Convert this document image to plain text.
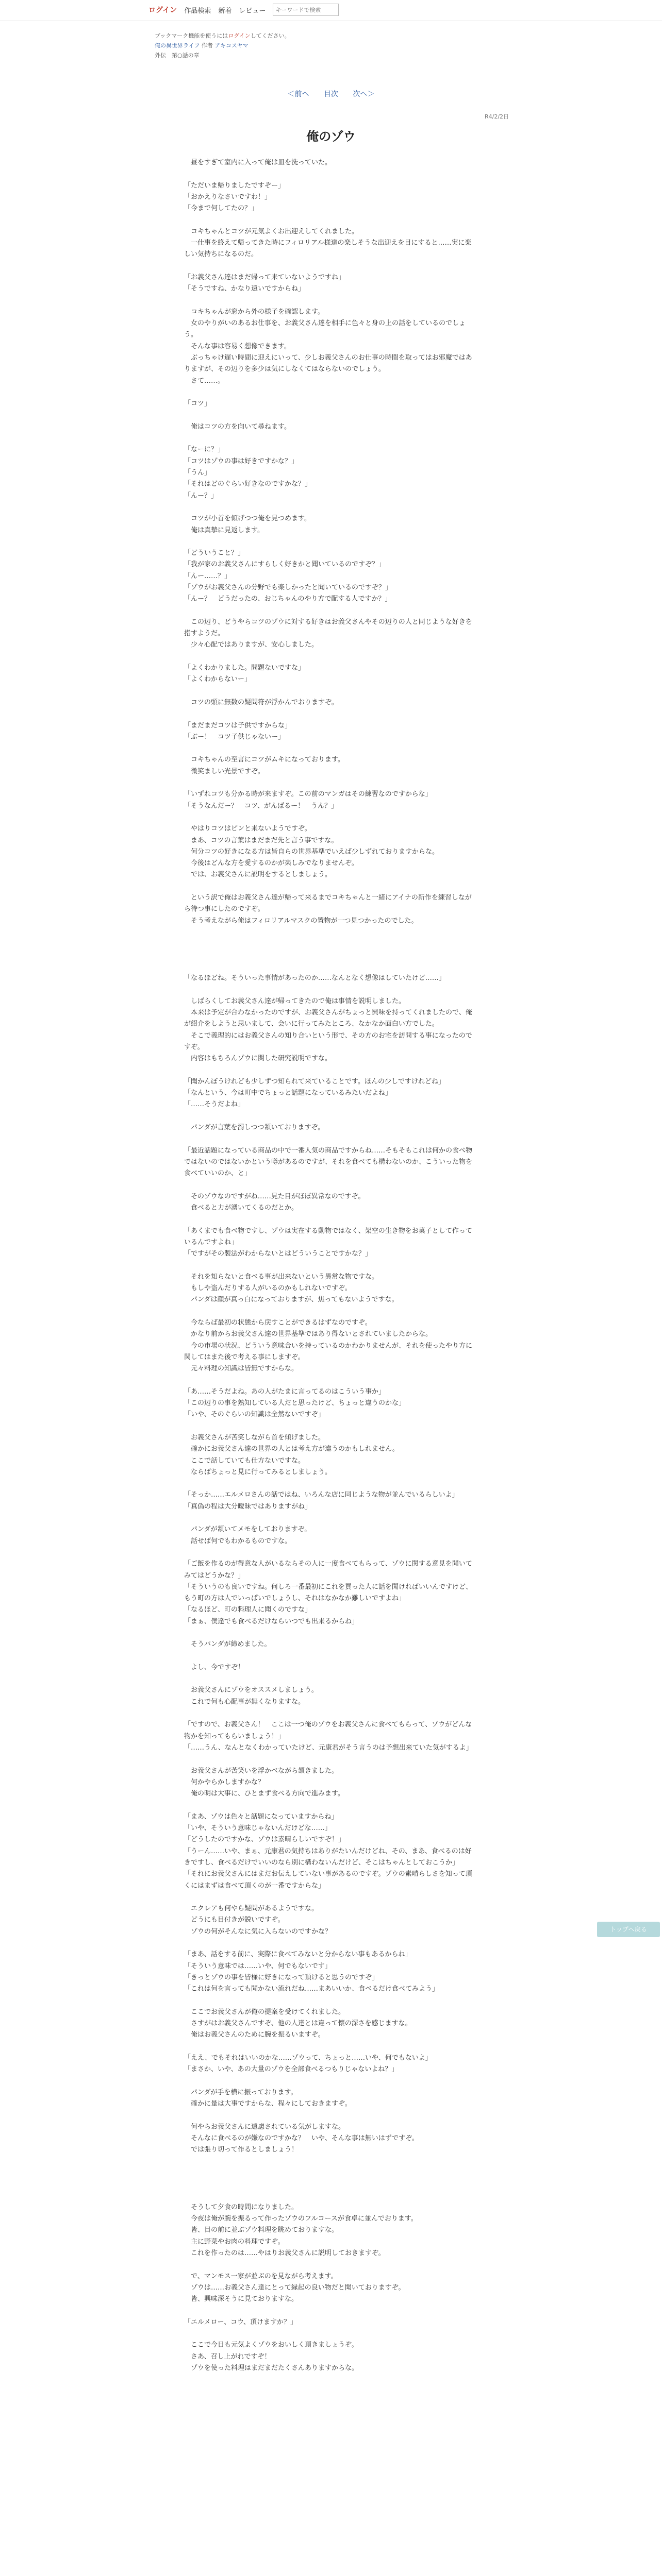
ログイン 作品検索 新着 レビュー
キーワードで検索
ブックマーク機能を使うにはログインしてください。
俺の異世界ライフ 作者 アキコスヤマ
外伝　第○話の章
＜前へ 目次 次へ＞
R4/2/2日
俺のゾウ
　昼をすぎて室内に入って俺は皿を洗っていた。

「ただいま帰りましたですぞー」
「おかえりなさいですわ！」
「今まで何してたの？」

　コキちゃんとコツが元気よくお出迎えしてくれました。
　一仕事を終えて帰ってきた時にフィロリアル様達の楽しそうな出迎えを目にすると……実に楽しい気持ちになるのだ。

「お義父さん達はまだ帰って来ていないようですね」
「そうですね、かなり遠いですからね」

　コキちゃんが窓から外の様子を確認します。
　女のやりがいのあるお仕事を、お義父さん達を相手に色々と身の上の話をしているのでしょう。
　そんな事は容易く想像できます。
　ぶっちゃけ遅い時間に迎えにいって、少しお義父さんのお仕事の時間を取ってはお邪魔ではありますが、その辺りを多少は気にしなくてはならないのでしょう。
　さて……。

「コツ」

　俺はコツの方を向いて尋ねます。

「なーに？」
「コツはゾウの事は好きですかな？」
「うん」
「それはどのぐらい好きなのですかな？」
「んー？」

　コツが小首を傾げつつ俺を見つめます。
　俺は真摯に見返します。

「どういうこと？」
「我が家のお義父さんにすらしく好きかと聞いているのですぞ？」
「んー……？」
「ゾウがお義父さんの分野でも楽しかったと聞いているのですぞ？」
「んー？　どうだったの、おじちゃんのやり方で配する人ですか？」

　この辺り、どうやらコツのゾウに対する好きはお義父さんやその辺りの人と同じような好きを指すようだ。
　少々心配ではありますが、安心しました。

「よくわかりました。問題ないですな」
「よくわからないー」

　コツの頭に無数の疑問符が浮かんでおりますぞ。

「まだまだコツは子供ですからな」
「ぶー！　コツ子供じゃないー」

　コキちゃんの至言にコツがムキになっております。
　微笑ましい光景ですぞ。

「いずれコツも分かる時が来ますぞ。この前のマンガはその練習なのですからな」
「そうなんだー？　コツ、がんばるー！　うん？」

　やはりコツはピンと来ないようですぞ。
　まあ、コツの言葉はまだまだ先と言う事ですな。
　何分コツの好きになる方は皆自らの世界基準でいえば少しずれておりますからな。
　今後はどんな方を愛するのかが楽しみでなりませんぞ。
　では、お義父さんに説明をするとしましょう。

　という訳で俺はお義父さん達が帰って来るまでコキちゃんと一緒にアイナの新作を練習しながら待つ事にしたのですぞ。
　そう考えながら俺はフィロリアルマスクの置物が一つ見つかったのでした。

「なるほどね。そういった事情があったのか……なんとなく想像はしていたけど……」

　しばらくしてお義父さん達が帰ってきたので俺は事情を説明しました。
　本来は予定が合わなかったのですが、お義父さんがちょっと興味を持ってくれましたので、俺が紹介をしようと思いまして、会いに行ってみたところ、なかなか面白い方でした。
　そこで義理的にはお義父さんの知り合いという形で、その方のお宅を訪問する事になったのですぞ。
　内容はもちろんゾウに関した研究説明ですな。

「聞かんぼうけれども少しずつ知られて来ていることです。ほんの少しですけれどね」
「なんという、今は町中でちょっと話題になっているみたいだよね」
「……そうだよね」

　パンダが言葉を濁しつつ頷いておりますぞ。

「最近話題になっている商品の中で一番人気の商品ですからね……そもそもこれは何かの食べ物ではないのではないかという噂があるのですが、それを食べても構わないのか、こういった物を食べていいのか、と」

　そのゾウなのですがね……見た目がほぼ異常なのですぞ。
　食べると力が湧いてくるのだとか。

「あくまでも食べ物ですし、ゾウは実在する動物ではなく、架空の生き物をお菓子として作っているんですよね」
「ですがその製法がわからないとはどういうことですかな？」

　それを知らないと食べる事が出来ないという異常な物ですな。
　もしや盗んだりする人がいるのかもしれないですぞ。
　パンダは顔が真っ白になっておりますが、焦ってもないようですな。

　今ならば最初の状態から戻すことができるはずなのですぞ。
　かなり前からお義父さん達の世界基準ではあり得ないとされていましたからな。
　今の市場の状況、どういう意味合いを持っているのかわかりませんが、それを使ったやり方に関してはまた後で考える事にしますぞ。
　元々料理の知識は皆無ですからな。

「あ……そうだよね。あの人がたまに言ってるのはこういう事か」
「この辺りの事を熟知している人だと思ったけど、ちょっと違うのかな」
「いや、そのぐらいの知識は全然ないですぞ」

　お義父さんが苦笑しながら首を傾げました。
　確かにお義父さん達の世界の人とは考え方が違うのかもしれません。
　ここで話していても仕方ないですな。
　ならばちょっと見に行ってみるとしましょう。

「そっか……エルメロさんの話ではね、いろんな店に同じような物が並んでいるらしいよ」
「真偽の程は大分曖昧ではありますがね」

　パンダが頷いてメモをしておりますぞ。
　話せば何でもわかるものですな。

「ご飯を作るのが得意な人がいるならその人に一度食べてもらって、ゾウに関する意見を聞いてみてはどうかな？」
「そういうのも良いですね。何しろ一番最初にこれを買った人に話を聞ければいいんですけど、もう町の方は人でいっぱいでしょうし、それはなかなか難しいですよね」
「なるほど、町の料理人に聞くのですな」
「まぁ、僕達でも食べるだけならいつでも出来るからね」

　そうパンダが締めました。

　よし、今ですぞ！

　お義父さんにゾウをオススメしましょう。
　これで何も心配事が無くなりますな。

「ですので、お義父さん！　ここは一つ俺のゾウをお義父さんに食べてもらって、ゾウがどんな物かを知ってもらいましょう！」
「……うん、なんとなくわかっていたけど、元康君がそう言うのは予想出来ていた気がするよ」

　お義父さんが苦笑いを浮かべながら頷きました。
　何かやらかしますかな？
　俺の明は大事に、ひとまず食べる方向で進みます。

「まあ、ゾウは色々と話題になっていますからね」
「いや、そういう意味じゃないんだけどな……」
「どうしたのですかな、ゾウは素晴らしいですぞ！」
「うーん……いや、まぁ、元康君の気持ちはありがたいんだけどね、その、まあ、食べるのは好きですし、食べるだけでいいのなら別に構わないんだけど、そこはちゃんとしておこうか」
「それにお義父さんにはまだお伝えしていない事があるのですぞ。ゾウの素晴らしさを知って頂くにはまずは食べて頂くのが一番ですからな」

　エクレアも何やら疑問があるようですな。
　どうにも目付きが鋭いですぞ。
　ゾウの何がそんなに気に入らないのですかな？

「まあ、話をする前に、実際に食べてみないと分からない事もあるからね」
「そういう意味では……いや、何でもないです」
「きっとゾウの事を皆様に好きになって頂けると思うのですぞ」
「これは何を言っても聞かない流れだね……まあいいか、食べるだけ食べてみよう」

　ここでお義父さんが俺の提案を受けてくれました。
　さすがはお義父さんですぞ、他の人達とは違って懐の深さを感じますな。
　俺はお義父さんのために腕を振るいますぞ。

「ええ、でもそれはいいのかな……ゾウって、ちょっと……いや、何でもないよ」
「まさか、いや、あの大量のゾウを全部食べるつもりじゃないよね？」

　パンダが手を横に振っております。
　確かに量は大事ですからな、程々にしておきますぞ。

　何やらお義父さんに遠慮されている気がしますな。
　そんなに食べるのが嫌なのですかな？　いや、そんな事は無いはずですぞ。
　では張り切って作るとしましょう！

　そうして夕食の時間になりました。
　今夜は俺が腕を振るって作ったゾウのフルコースが食卓に並んでおります。
　皆、目の前に並ぶゾウ料理を眺めておりますな。
　主に野菜やお肉の料理ですぞ。
　これを作ったのは……やはりお義父さんに説明しておきますぞ。

　で、マンモス一家が並ぶのを見ながら考えます。
　ゾウは……お義父さん達にとって縁起の良い物だと聞いておりますぞ。
　皆、興味深そうに見ておりますな。

「エルメロー、コウ、頂けますか？」

　ここで今日も元気よくゾウをおいしく頂きましょうぞ。
　さあ、召し上がれですぞ！
　ゾウを使った料理はまだまだたくさんありますからな。
トップへ戻る
